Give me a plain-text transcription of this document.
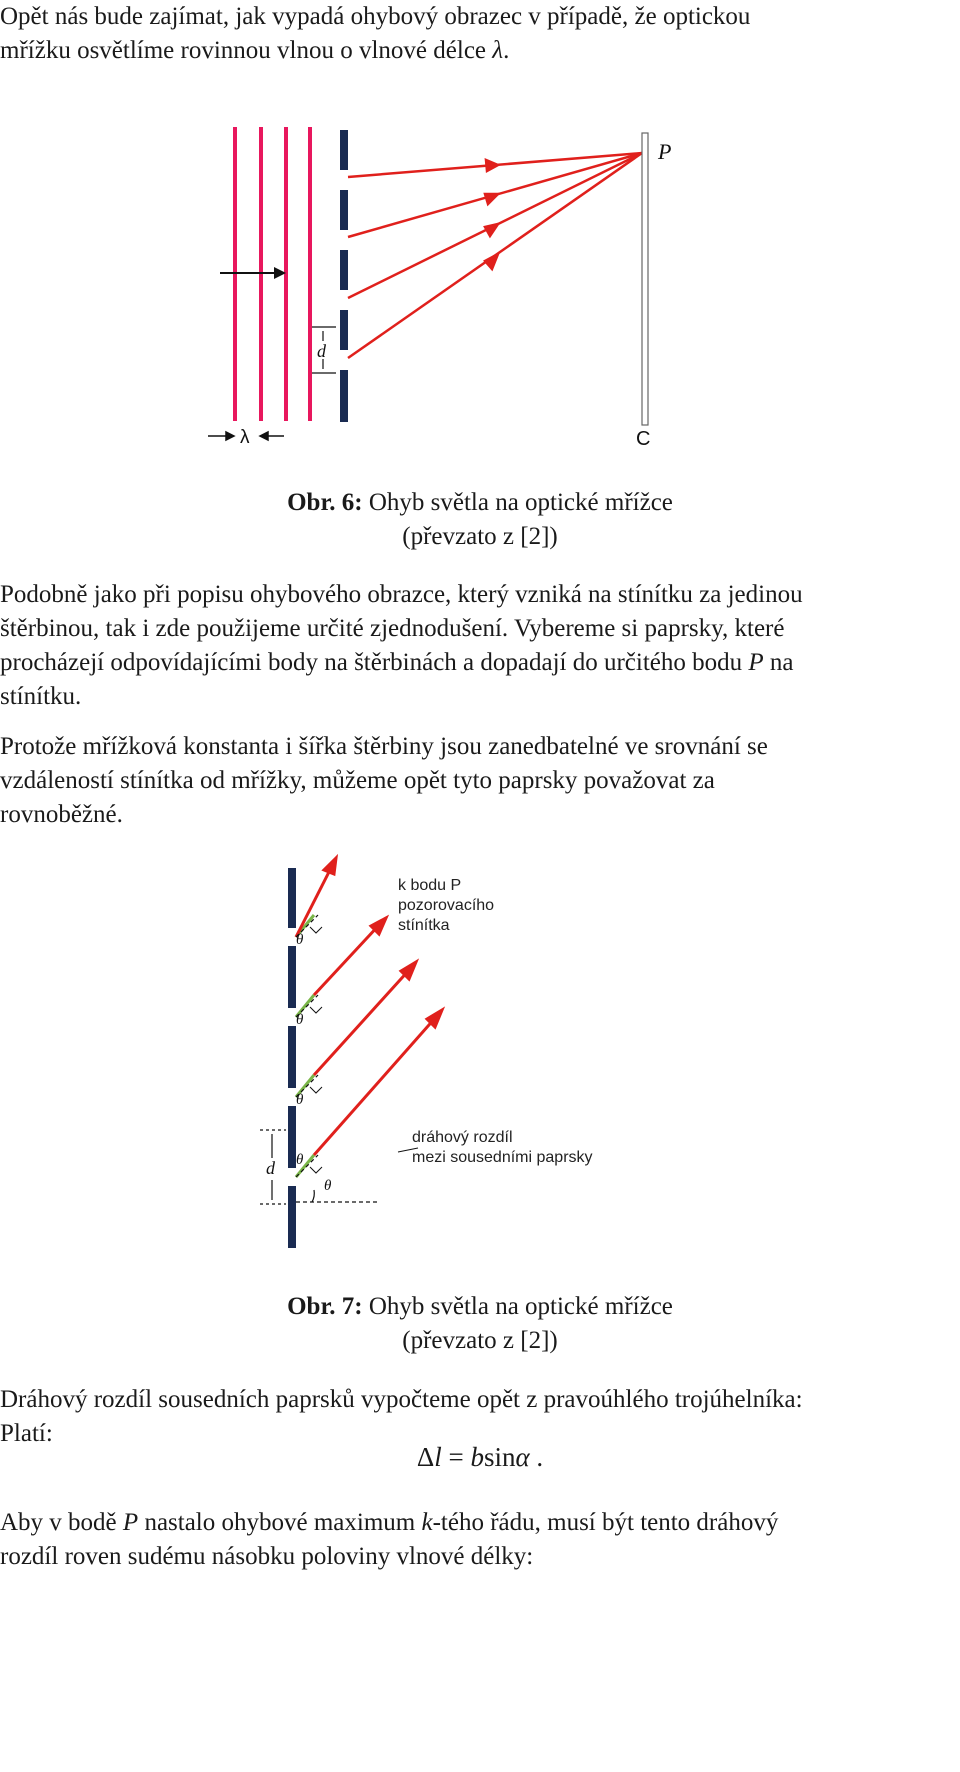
Opět nás bude zajímat, jak vypadá ohybový obrazec v případě, že optickou
mřížku osvětlíme rovinnou vlnou o vlnové délce λ.

P
C
d
λ
Obr. 6: Ohyb světla na optické mřížce
(převzato z [2])

Podobně jako při popisu ohybového obrazce, který vzniká na stínítku za jedinou
štěrbinou, tak i zde použijeme určité zjednodušení. Vybereme si paprsky, které
procházejí odpovídajícími body na štěrbinách a dopadají do určitého bodu P na
stínítku.

Protože mřížková konstanta i šířka štěrbiny jsou zanedbatelné ve srovnání se
vzdáleností stínítka od mřížky, můžeme opět tyto paprsky považovat za
rovnoběžné.

θ
θ
θ
θ
θ
d
k bodu P
pozorovacího
stínítka
dráhový rozdíl
mezi sousedními paprsky
Obr. 7: Ohyb světla na optické mřížce
(převzato z [2])

Dráhový rozdíl sousedních paprsků vypočteme opět z pravoúhlého trojúhelníka:
Platí:

Δl = bsinα .

Aby v bodě P nastalo ohybové maximum k-tého řádu, musí být tento dráhový
rozdíl roven sudému násobku poloviny vlnové délky:
